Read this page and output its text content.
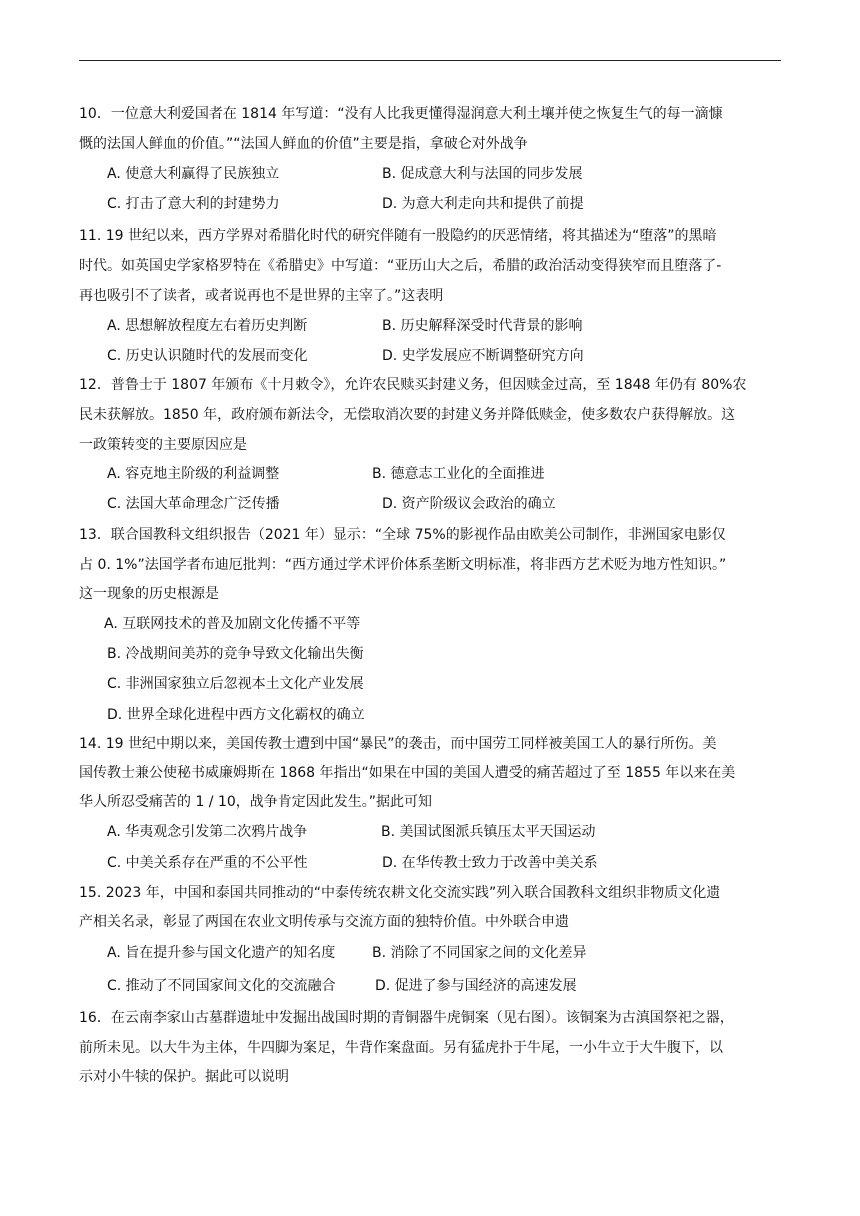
10．一位意大利爱国者在 1814 年写道：“没有人比我更懂得湿润意大利土壤并使之恢复生气的每一滴慷
慨的法国人鲜血的价值。”“法国人鲜血的价值”主要是指，拿破仑对外战争
A. 使意大利赢得了民族独立	B. 促成意大利与法国的同步发展
C. 打击了意大利的封建势力	D. 为意大利走向共和提供了前提
11. 19 世纪以来，西方学界对希腊化时代的研究伴随有一股隐约的厌恶情绪，将其描述为“堕落”的黑暗
时代。如英国史学家格罗特在《希腊史》中写道：“亚历山大之后，希腊的政治活动变得狭窄而且堕落了-
再也吸引不了读者，或者说再也不是世界的主宰了。”这表明
A. 思想解放程度左右着历史判断	B. 历史解释深受时代背景的影响
C. 历史认识随时代的发展而变化	D. 史学发展应不断调整研究方向
12．普鲁士于 1807 年颁布《十月敕令》，允许农民赎买封建义务，但因赎金过高，至 1848 年仍有 80%农
民未获解放。1850 年，政府颁布新法令，无偿取消次要的封建义务并降低赎金，使多数农户获得解放。这
一政策转变的主要原因应是
A. 容克地主阶级的利益调整	B. 德意志工业化的全面推进
C. 法国大革命理念广泛传播	D. 资产阶级议会政治的确立
13．联合国教科文组织报告（2021 年）显示：“全球 75%的影视作品由欧美公司制作，非洲国家电影仅
占 0. 1%”法国学者布迪厄批判：“西方通过学术评价体系垄断文明标准，将非西方艺术贬为地方性知识。”
这一现象的历史根源是
A. 互联网技术的普及加剧文化传播不平等
B. 冷战期间美苏的竞争导致文化输出失衡
C. 非洲国家独立后忽视本土文化产业发展
D. 世界全球化进程中西方文化霸权的确立
14. 19 世纪中期以来，美国传教士遭到中国“暴民”的袭击，而中国劳工同样被美国工人的暴行所伤。美
国传教士兼公使秘书威廉姆斯在 1868 年指出“如果在中国的美国人遭受的痛苦超过了至 1855 年以来在美
华人所忍受痛苦的 1 / 10，战争肯定因此发生。”据此可知
A. 华夷观念引发第二次鸦片战争	B. 美国试图派兵镇压太平天国运动
C. 中美关系存在严重的不公平性	D. 在华传教士致力于改善中美关系
15. 2023 年，中国和泰国共同推动的“中泰传统农耕文化交流实践”列入联合国教科文组织非物质文化遗
产相关名录，彰显了两国在农业文明传承与交流方面的独特价值。中外联合申遗
A. 旨在提升参与国文化遗产的知名度	B. 消除了不同国家之间的文化差异
C. 推动了不同国家间文化的交流融合	D. 促进了参与国经济的高速发展
16．在云南李家山古墓群遗址中发掘出战国时期的青铜器牛虎铜案（见右图）。该铜案为古滇国祭祀之器，
前所未见。以大牛为主体，牛四脚为案足，牛背作案盘面。另有猛虎扑于牛尾，一小牛立于大牛腹下，以
示对小牛犊的保护。据此可以说明
